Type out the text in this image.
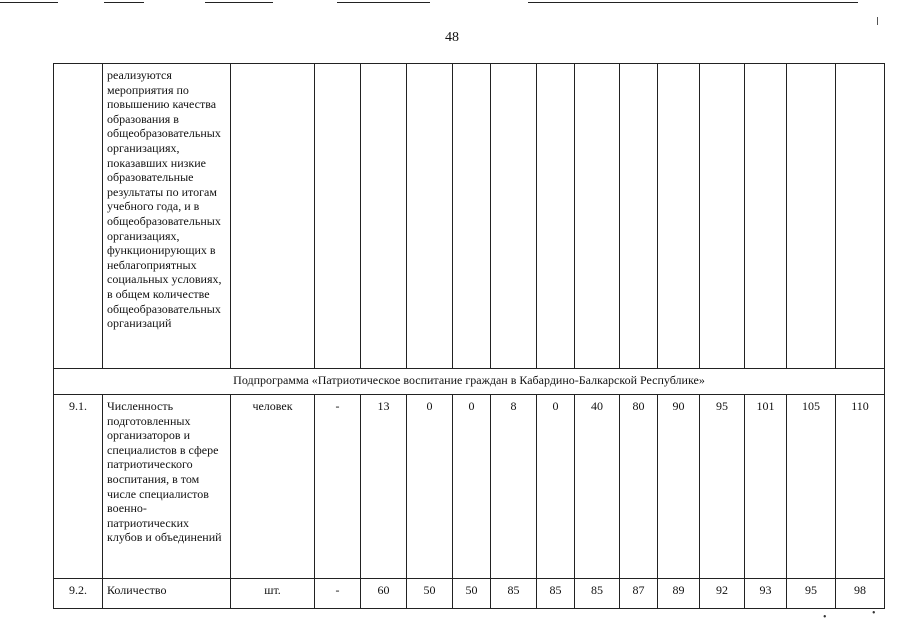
48
	реализуются мероприятия по повышению качества образования в общеобразовательных организациях, показавших низкие образовательные результаты по итогам учебного года, и в общеобразовательных организациях, функционирующих в неблагоприятных социальных условиях, в общем количестве общеобразовательных организаций														
Подпрограмма «Патриотическое воспитание граждан в Кабардино-Балкарской Республике»															
9.1.	Численность подготовленных организаторов и специалистов в сфере патриотического воспитания, в том числе специалистов военно-патриотических клубов и объединений	человек	-	13	0	0	8	0	40	80	90	95	101	105	110
9.2.	Количество	шт.	-	60	50	50	85	85	85	87	89	92	93	95	98
•	•
